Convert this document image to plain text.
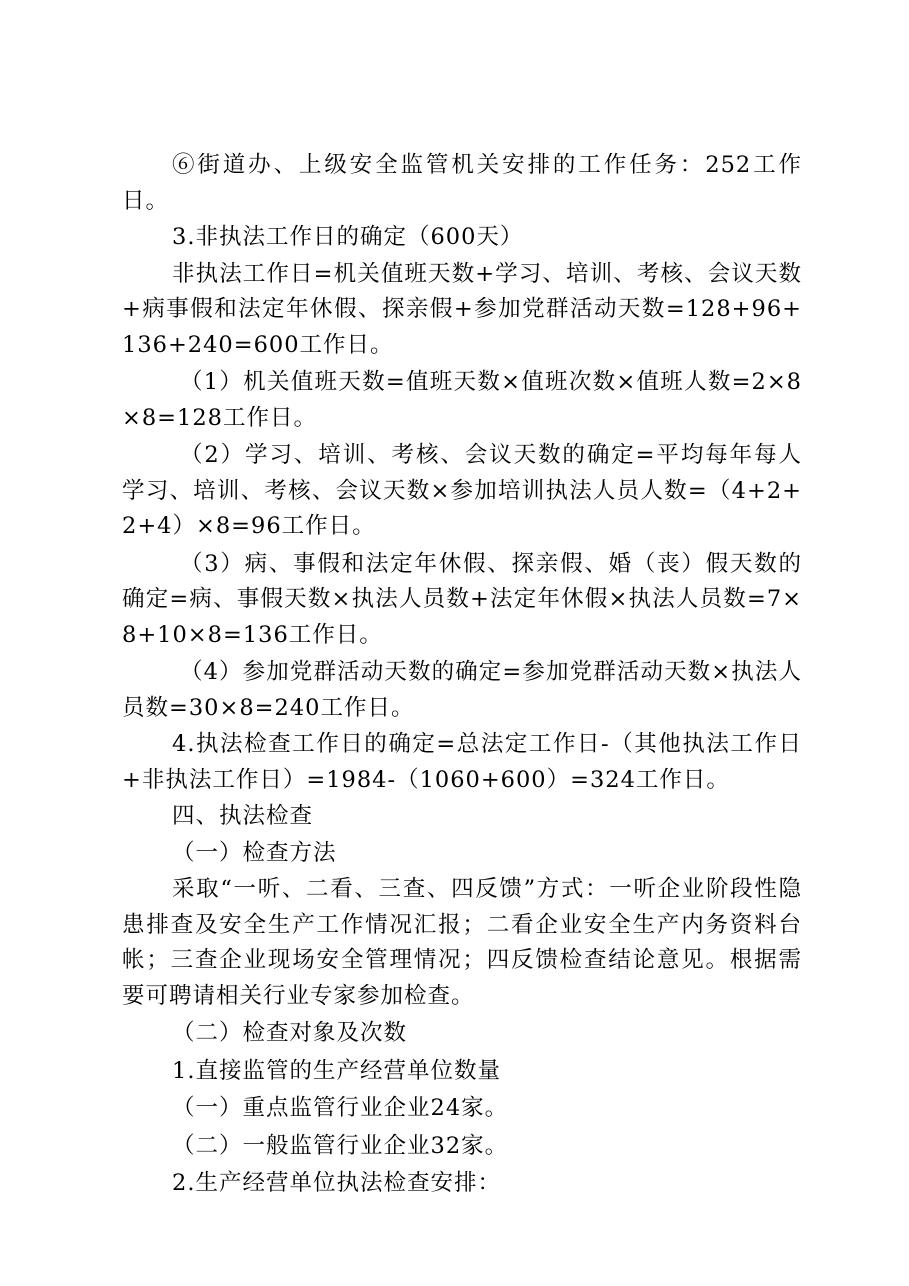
⑥街道办、上级安全监管机关安排的工作任务：252工作日。

3.非执法工作日的确定（600天）

非执法工作日=机关值班天数+学习、培训、考核、会议天数+病事假和法定年休假、探亲假+参加党群活动天数=128+96+136+240=600工作日。

（1）机关值班天数=值班天数×值班次数×值班人数=2×8×8=128工作日。

（2）学习、培训、考核、会议天数的确定=平均每年每人学习、培训、考核、会议天数×参加培训执法人员人数=（4+2+2+4）×8=96工作日。

（3）病、事假和法定年休假、探亲假、婚（丧）假天数的确定=病、事假天数×执法人员数+法定年休假×执法人员数=7×8+10×8=136工作日。

（4）参加党群活动天数的确定=参加党群活动天数×执法人员数=30×8=240工作日。

4.执法检查工作日的确定=总法定工作日-（其他执法工作日+非执法工作日）=1984-（1060+600）=324工作日。

四、执法检查

（一）检查方法

采取“一听、二看、三查、四反馈”方式：一听企业阶段性隐患排查及安全生产工作情况汇报；二看企业安全生产内务资料台帐；三查企业现场安全管理情况；四反馈检查结论意见。根据需要可聘请相关行业专家参加检查。

（二）检查对象及次数

1.直接监管的生产经营单位数量

（一）重点监管行业企业24家。

（二）一般监管行业企业32家。

2.生产经营单位执法检查安排：
